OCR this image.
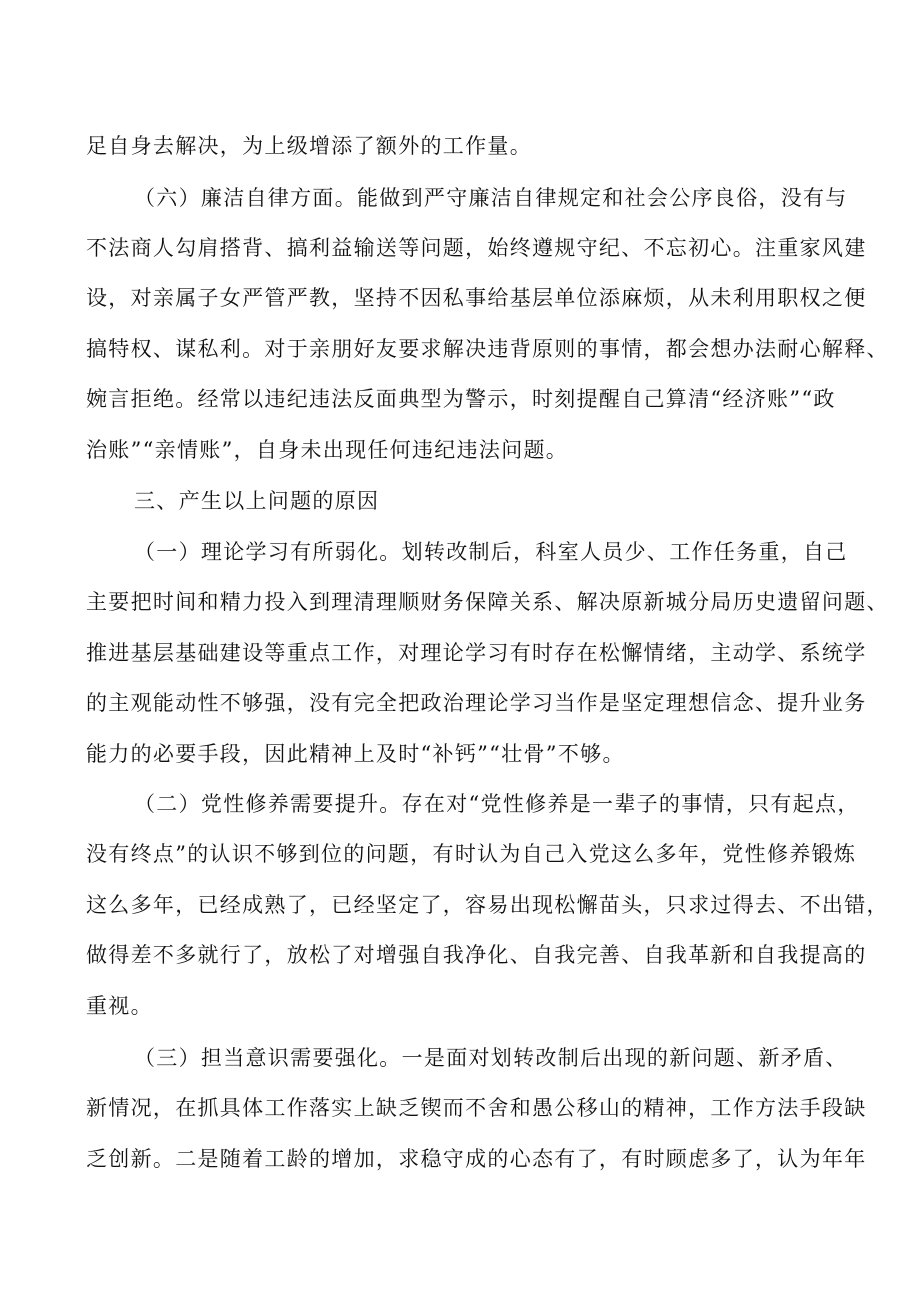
足自身去解决，为上级增添了额外的工作量。
（六）廉洁自律方面。能做到严守廉洁自律规定和社会公序良俗，没有与
不法商人勾肩搭背、搞利益输送等问题，始终遵规守纪、不忘初心。注重家风建
设，对亲属子女严管严教，坚持不因私事给基层单位添麻烦，从未利用职权之便
搞特权、谋私利。对于亲朋好友要求解决违背原则的事情，都会想办法耐心解释、
婉言拒绝。经常以违纪违法反面典型为警示，时刻提醒自己算清“经济账”“政
治账”“亲情账”，自身未出现任何违纪违法问题。
三、产生以上问题的原因
（一）理论学习有所弱化。划转改制后，科室人员少、工作任务重，自己
主要把时间和精力投入到理清理顺财务保障关系、解决原新城分局历史遗留问题、
推进基层基础建设等重点工作，对理论学习有时存在松懈情绪，主动学、系统学
的主观能动性不够强，没有完全把政治理论学习当作是坚定理想信念、提升业务
能力的必要手段，因此精神上及时“补钙”“壮骨”不够。
（二）党性修养需要提升。存在对“党性修养是一辈子的事情，只有起点，
没有终点”的认识不够到位的问题，有时认为自己入党这么多年，党性修养锻炼
这么多年，已经成熟了，已经坚定了，容易出现松懈苗头，只求过得去、不出错，
做得差不多就行了，放松了对增强自我净化、自我完善、自我革新和自我提高的
重视。
（三）担当意识需要强化。一是面对划转改制后出现的新问题、新矛盾、
新情况，在抓具体工作落实上缺乏锲而不舍和愚公移山的精神，工作方法手段缺
乏创新。二是随着工龄的增加，求稳守成的心态有了，有时顾虑多了，认为年年
